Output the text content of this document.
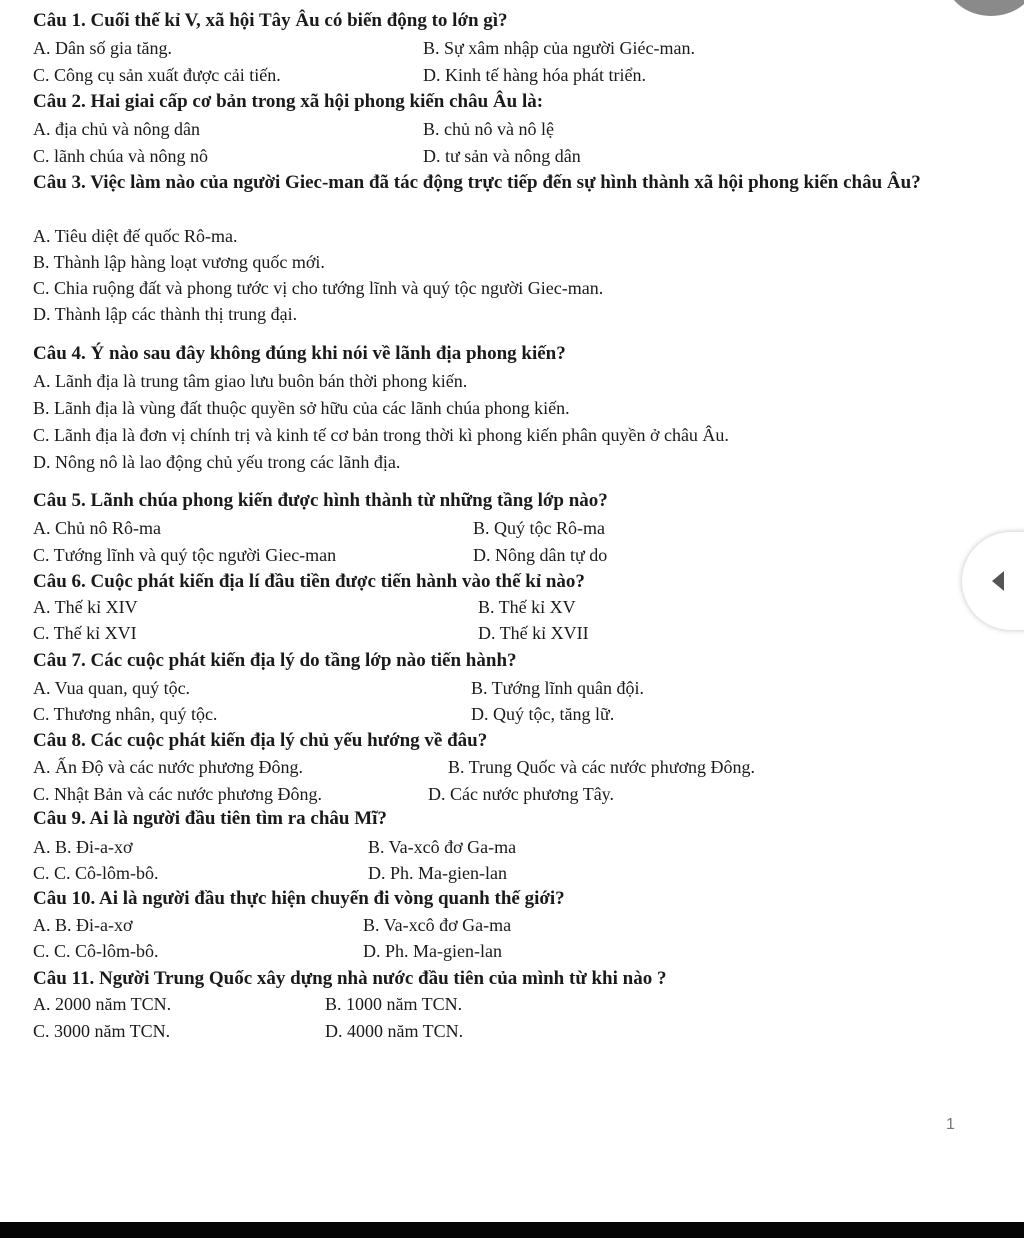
Câu 1. Cuối thế kỉ V, xã hội Tây Âu có biến động to lớn gì?

A. Dân số gia tăng.	B. Sự xâm nhập của người Giéc-man.
C. Công cụ sản xuất được cải tiến.	D. Kinh tế hàng hóa phát triển.

Câu 2. Hai giai cấp cơ bản trong xã hội phong kiến châu Âu là:

A. địa chủ và nông dân	B. chủ nô và nô lệ
C. lãnh chúa và nông nô	D. tư sản và nông dân

Câu 3. Việc làm nào của người Giec-man đã tác động trực tiếp đến sự hình thành xã hội phong kiến châu Âu?

A. Tiêu diệt đế quốc Rô-ma.
B. Thành lập hàng loạt vương quốc mới.
C. Chia ruộng đất và phong tước vị cho tướng lĩnh và quý tộc người Giec-man.
D. Thành lập các thành thị trung đại.

Câu 4. Ý nào sau đây không đúng khi nói về lãnh địa phong kiến?

A. Lãnh địa là trung tâm giao lưu buôn bán thời phong kiến.
B. Lãnh địa là vùng đất thuộc quyền sở hữu của các lãnh chúa phong kiến.
C. Lãnh địa là đơn vị chính trị và kinh tế cơ bản trong thời kì phong kiến phân quyền ở châu Âu.
D. Nông nô là lao động chủ yếu trong các lãnh địa.

Câu 5. Lãnh chúa phong kiến được hình thành từ những tầng lớp nào?

A. Chủ nô Rô-ma	B. Quý tộc Rô-ma
C. Tướng lĩnh và quý tộc người Giec-man	D. Nông dân tự do

Câu 6. Cuộc phát kiến địa lí đầu tiền được tiến hành vào thế kỉ nào?

A. Thế kỉ XIV	B. Thế kỉ XV
C. Thế kỉ XVI	D. Thế kỉ XVII

Câu 7. Các cuộc phát kiến địa lý do tầng lớp nào tiến hành?

A. Vua quan, quý tộc.	B. Tướng lĩnh quân đội.
C. Thương nhân, quý tộc.	D. Quý tộc, tăng lữ.

Câu 8. Các cuộc phát kiến địa lý chủ yếu hướng về đâu?

A. Ấn Độ và các nước phương Đông.	B. Trung Quốc và các nước phương Đông.
C. Nhật Bản và các nước phương Đông.	D. Các nước phương Tây.

Câu 9. Ai là người đầu tiên tìm ra châu Mĩ?

A. B. Đi-a-xơ	B. Va-xcô đơ Ga-ma
C. C. Cô-lôm-bô.	D. Ph. Ma-gien-lan

Câu 10. Ai là người đầu thực hiện chuyến đi vòng quanh thế giới?

A. B. Đi-a-xơ	B. Va-xcô đơ Ga-ma
C. C. Cô-lôm-bô.	D. Ph. Ma-gien-lan

Câu 11. Người Trung Quốc xây dựng nhà nước đầu tiên của mình từ khi nào ?

A. 2000 năm TCN.	B. 1000 năm TCN.
C. 3000 năm TCN.	D. 4000 năm TCN.
1
